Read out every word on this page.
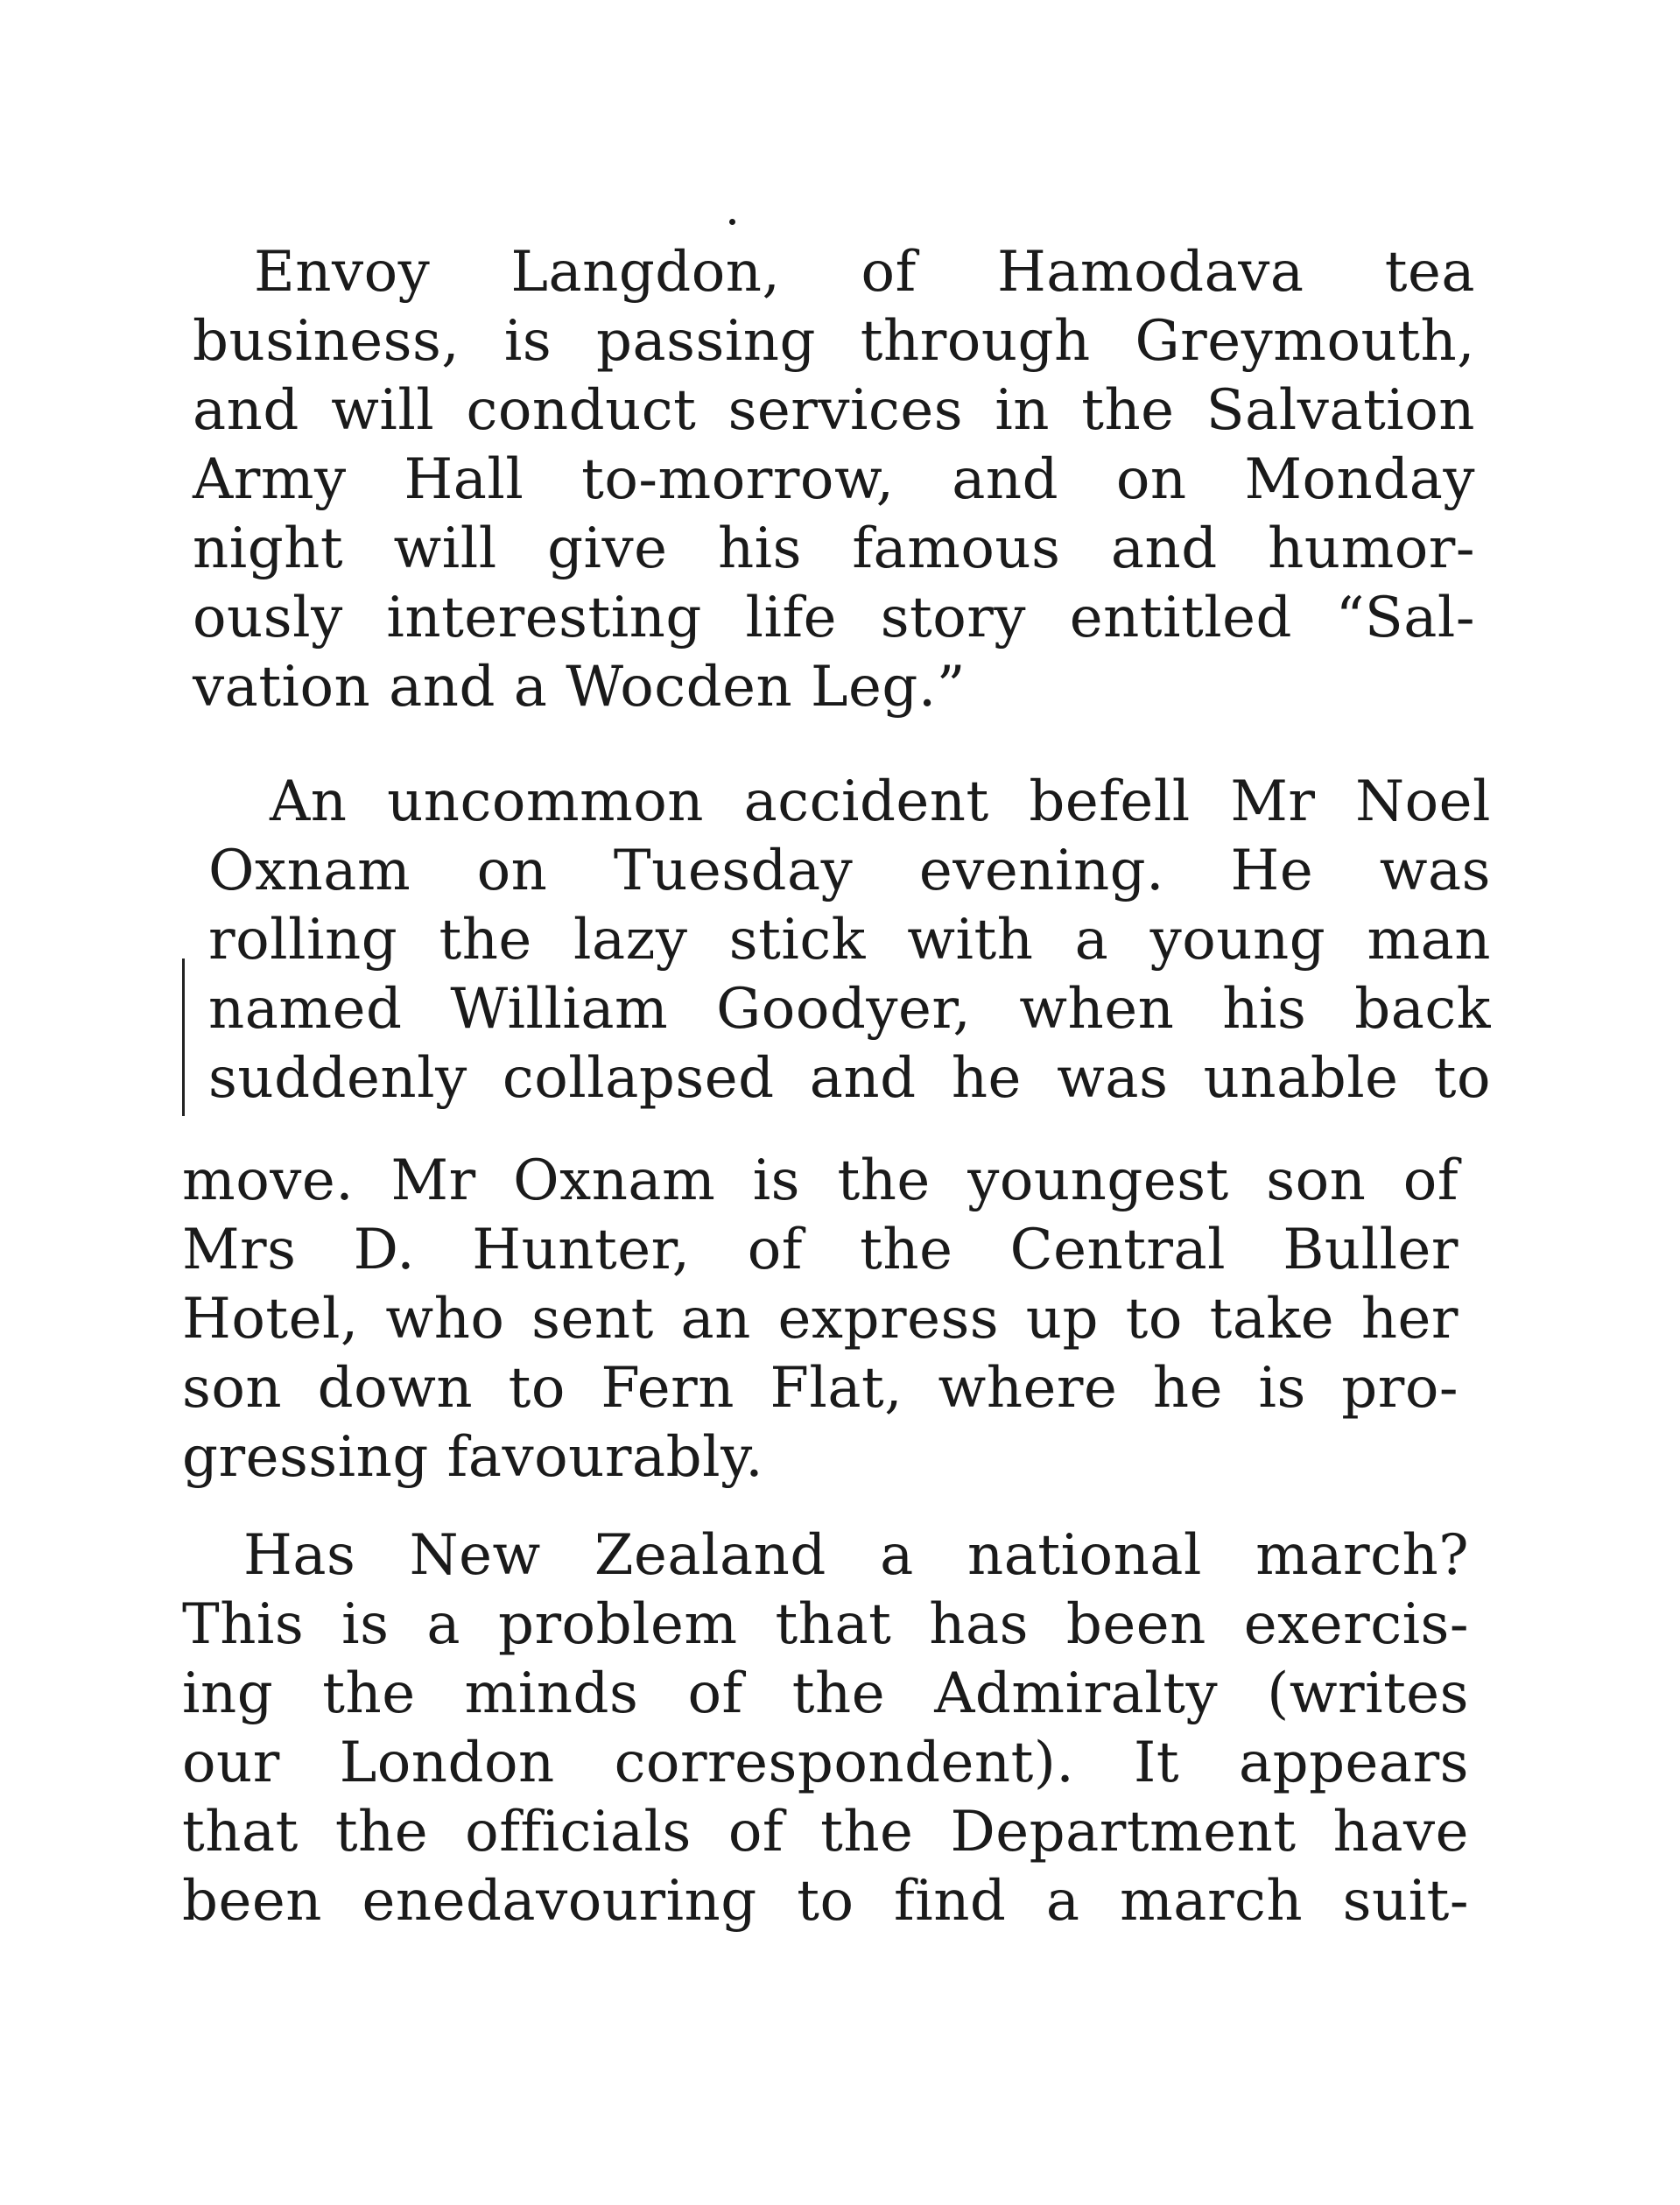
Envoy Langdon, of Hamodava tea
business, is passing through Greymouth,
and will conduct services in the Salvation
Army Hall to-morrow, and on Monday
night will give his famous and humor-
ously interesting life story entitled “Sal-
vation and a Wocden Leg.”
An uncommon accident befell Mr Noel
Oxnam on Tuesday evening. He was
rolling the lazy stick with a young man
named William Goodyer, when his back
suddenly collapsed and he was unable to
move. Mr Oxnam is the youngest son of
Mrs D. Hunter, of the Central Buller
Hotel, who sent an express up to take her
son down to Fern Flat, where he is pro-
gressing favourably.
Has New Zealand a national march?
This is a problem that has been exercis-
ing the minds of the Admiralty (writes
our London correspondent). It appears
that the officials of the Department have
been enedavouring to find a march suit-
